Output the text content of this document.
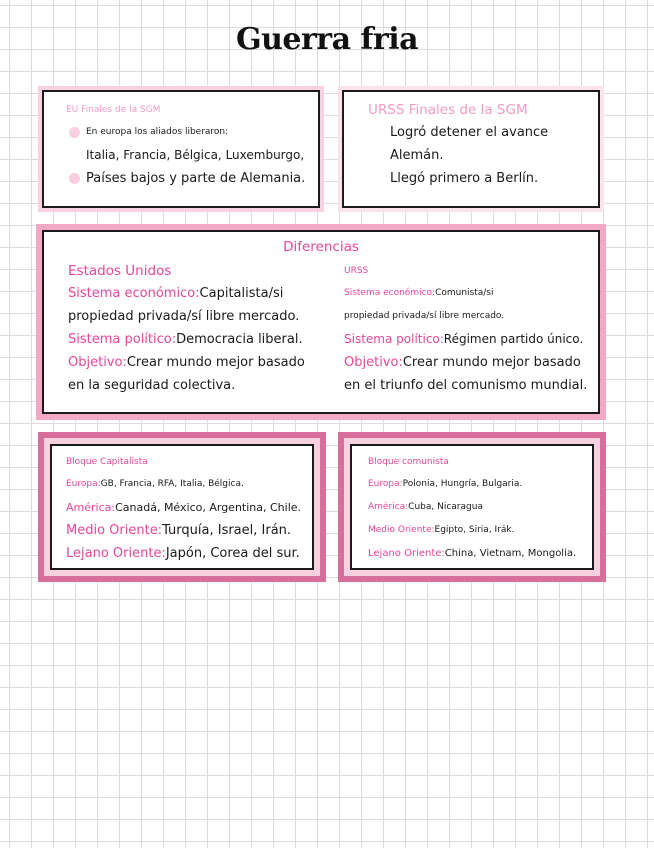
Guerra fria
EU Finales de la SGM
En europa los aliados liberaron:
Italia, Francia, Bélgica, Luxemburgo,
Países bajos y parte de Alemania.
URSS Finales de la SGM
Logró detener el avance
Alemán.
Llegó primero a Berlín.
Diferencias
Estados Unidos
Sistema económico:Capitalista/si
propiedad privada/sí libre mercado.
Sistema político:Democracia liberal.
Objetivo:Crear mundo mejor basado
en la seguridad colectiva.
URSS
Sistema económico:Comunista/si
propiedad privada/sí libre mercado.
Sistema político:Régimen partido único.
Objetivo:Crear mundo mejor basado
en el triunfo del comunismo mundial.
Bloque Capitalista
Europa:GB, Francia, RFA, Italia, Bélgica.
América:Canadá, México, Argentina, Chile.
Medio Oriente:Turquía, Israel, Irán.
Lejano Oriente:Japón, Corea del sur.
Bloque comunista
Europa:Polonia, Hungría, Bulgaria.
América:Cuba, Nicaragua
Medio Oriente:Egipto, Siria, Irák.
Lejano Oriente:China, Vietnam, Mongolia.
